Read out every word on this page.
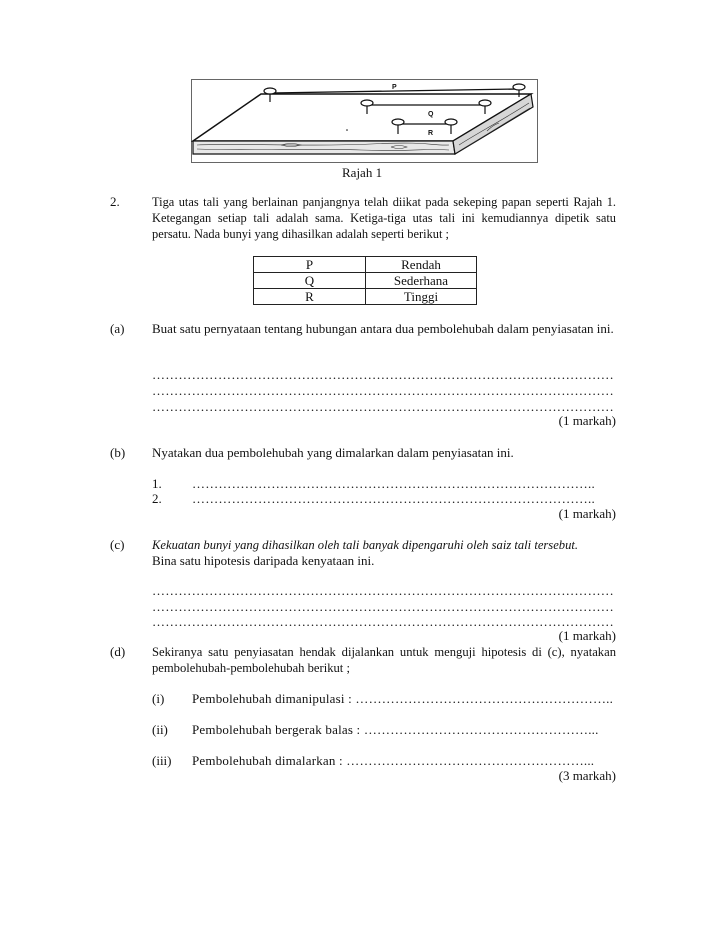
P
Q
R
Rajah 1
2.	Tiga utas tali yang berlainan panjangnya telah diikat pada sekeping papan seperti Rajah 1. Ketegangan setiap tali adalah sama. Ketiga-tiga utas tali ini kemudiannya dipetik satu persatu. Nada bunyi yang dihasilkan adalah seperti berikut ;
P	Rendah
Q	Sederhana
R	Tinggi
(a) Buat satu pernyataan tentang hubungan antara dua pembolehubah dalam penyiasatan ini.
……………………………………………………………………………………………
……………………………………………………………………………………………
……………………………………………………………………………………………
(1 markah)
(b) Nyatakan dua pembolehubah yang dimalarkan dalam penyiasatan ini.
1. ………………………………………………………………………………..
2. ………………………………………………………………………………..
(1 markah)
(c) Kekuatan bunyi yang dihasilkan oleh tali banyak dipengaruhi oleh saiz tali tersebut.
Bina satu hipotesis daripada kenyataan ini.
……………………………………………………………………………………………
……………………………………………………………………………………………
……………………………………………………………………………………………
(1 markah)
(d) Sekiranya satu penyiasatan hendak dijalankan untuk menguji hipotesis di (c), nyatakan pembolehubah-pembolehubah berikut ;
(i) Pembolehubah dimanipulasi : …………………………………………………..
(ii) Pembolehubah bergerak balas : ……………………………………………...
(iii) Pembolehubah dimalarkan : ………………………………………………...
(3 markah)
